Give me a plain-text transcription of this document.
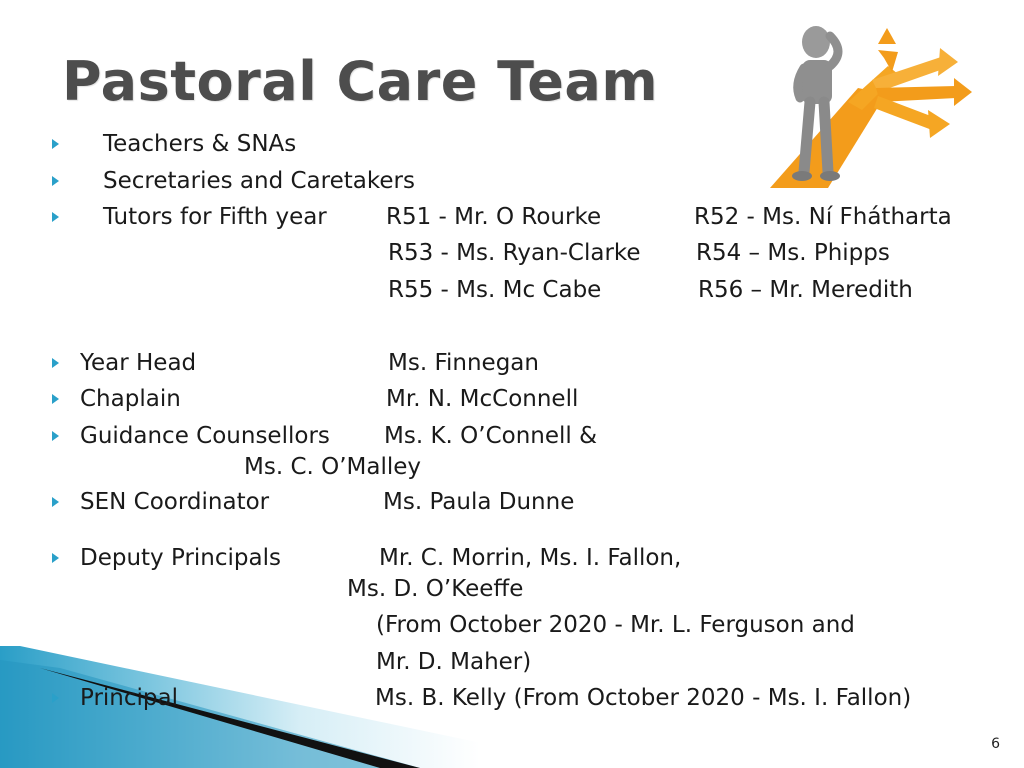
Pastoral Care Team
Teachers & SNAs
Secretaries and Caretakers
Tutors for Fifth year	R51 - Mr. O Rourke	R52 - Ms. Ní Fhátharta
R53 - Ms. Ryan-Clarke R54 – Ms. Phipps
R55 - Ms. Mc Cabe	R56 – Mr. Meredith
Year Head	Ms. Finnegan
Chaplain	Mr. N. McConnell
Guidance Counsellors Ms. K. O’Connell &
Ms. C. O’Malley
SEN Coordinator	Ms. Paula Dunne
Deputy Principals	Mr. C. Morrin, Ms. I. Fallon,
Ms. D. O’Keeffe
(From October 2020 - Mr. L. Ferguson and
Mr. D. Maher)
Principal	Ms. B. Kelly (From October 2020 - Ms. I. Fallon)
6
